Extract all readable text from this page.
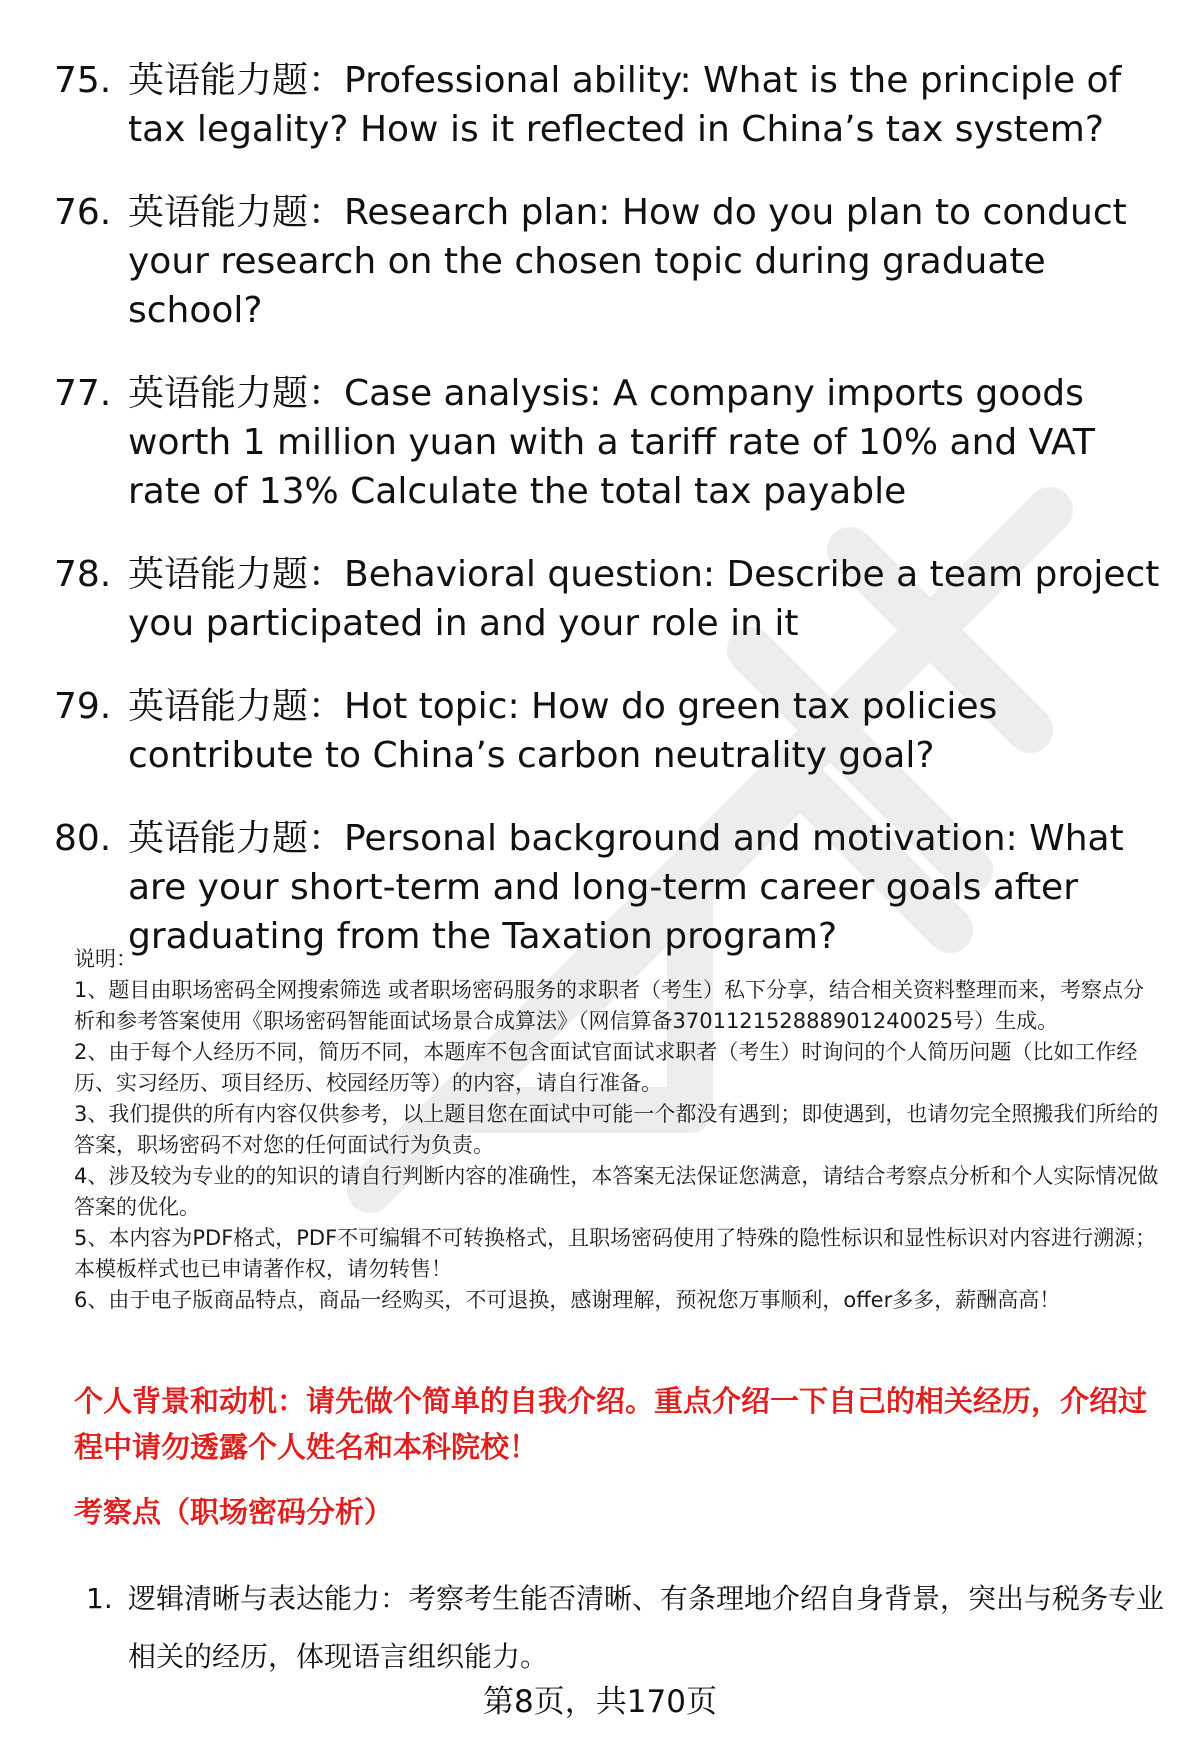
75. 英语能力题：Professional ability: What is the principle of tax legality? How is it reflected in China’s tax system?
76. 英语能力题：Research plan: How do you plan to conduct your research on the chosen topic during graduate school?
77. 英语能力题：Case analysis: A company imports goods worth 1 million yuan with a tariff rate of 10% and VAT rate of 13% Calculate the total tax payable
78. 英语能力题：Behavioral question: Describe a team project you participated in and your role in it
79. 英语能力题：Hot topic: How do green tax policies contribute to China’s carbon neutrality goal?
80. 英语能力题：Personal background and motivation: What are your short-term and long-term career goals after graduating from the Taxation program?

说明：

1、题目由职场密码全网搜索筛选 或者职场密码服务的求职者（考生）私下分享，结合相关资料整理而来，考察点分析和参考答案使用《职场密码智能面试场景合成算法》（网信算备370112152888901240025号）生成。

2、由于每个人经历不同，简历不同，本题库不包含面试官面试求职者（考生）时询问的个人简历问题（比如工作经历、实习经历、项目经历、校园经历等）的内容，请自行准备。

3、我们提供的所有内容仅供参考，以上题目您在面试中可能一个都没有遇到；即使遇到，也请勿完全照搬我们所给的答案，职场密码不对您的任何面试行为负责。

4、涉及较为专业的的知识的请自行判断内容的准确性，本答案无法保证您满意，请结合考察点分析和个人实际情况做答案的优化。

5、本内容为PDF格式，PDF不可编辑不可转换格式，且职场密码使用了特殊的隐性标识和显性标识对内容进行溯源；本模板样式也已申请著作权，请勿转售！

6、由于电子版商品特点，商品一经购买，不可退换，感谢理解，预祝您万事顺利，offer多多，薪酬高高！

个人背景和动机：请先做个简单的自我介绍。重点介绍一下自己的相关经历，介绍过程中请勿透露个人姓名和本科院校！
考察点（职场密码分析）
1. 逻辑清晰与表达能力：考察考生能否清晰、有条理地介绍自身背景，突出与税务专业相关的经历，体现语言组织能力。
第8页，共170页
